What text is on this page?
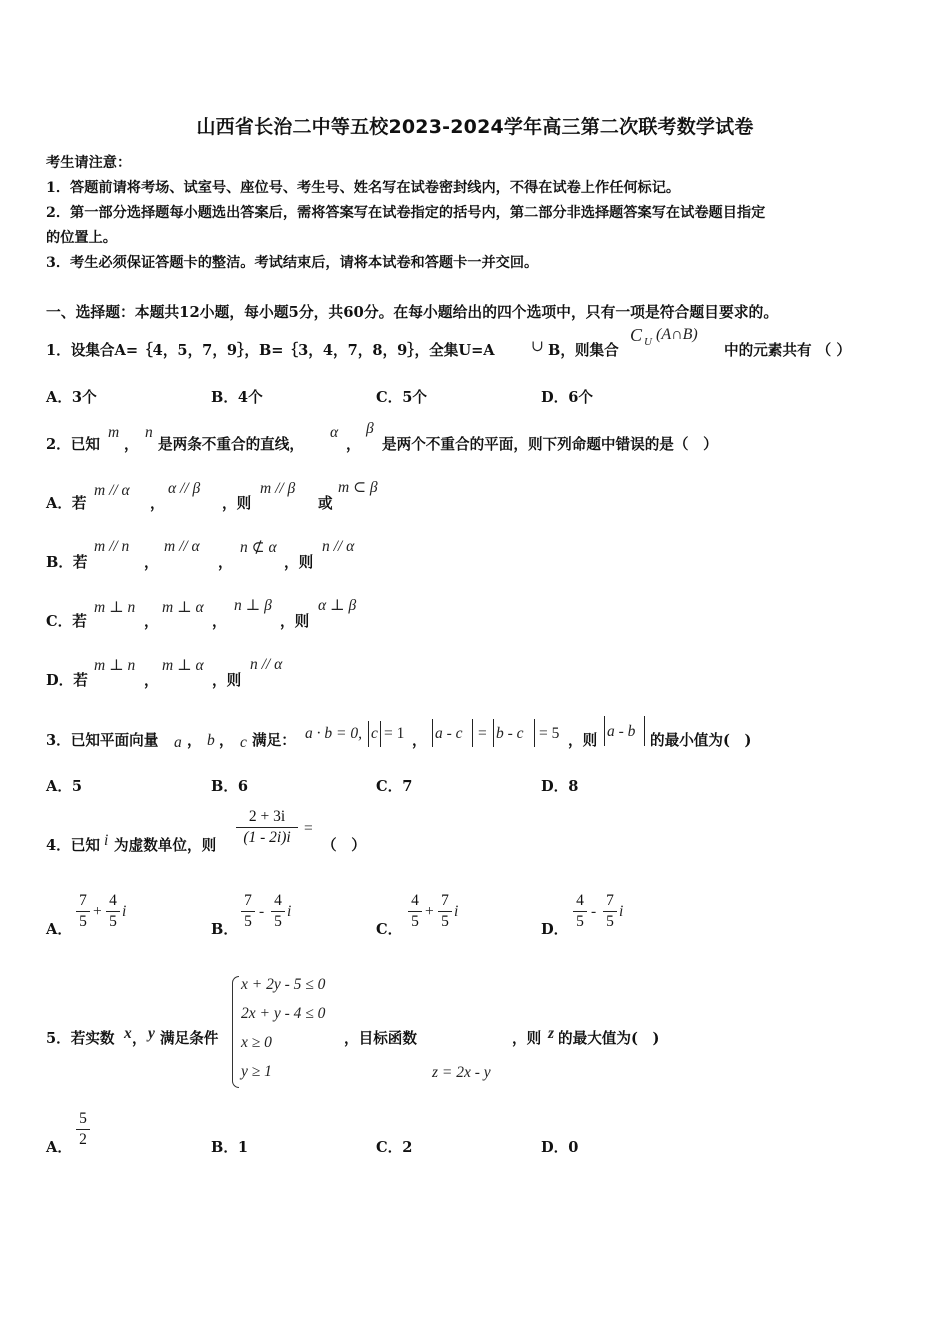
山西省长治二中等五校2023-2024学年高三第二次联考数学试卷
考生请注意：
1．答题前请将考场、试室号、座位号、考生号、姓名写在试卷密封线内，不得在试卷上作任何标记。
2．第一部分选择题每小题选出答案后，需将答案写在试卷指定的括号内，第二部分非选择题答案写在试卷题目指定
的位置上。
3．考生必须保证答题卡的整洁。考试结束后，请将本试卷和答题卡一并交回。
一、选择题：本题共12小题，每小题5分，共60分。在每小题给出的四个选项中，只有一项是符合题目要求的。
1．设集合A=｛4，5，7，9｝，B=｛3，4，7，8，9｝，全集U=A ∪ B，则集合
C U (A∩B)
中的元素共有 （ ）
A．3个	B．4个	C．5个	D．6个
2．已知
m
，
n
是两条不重合的直线，
α
，
β
是两个不重合的平面，则下列命题中错误的是（　）
A．若
m // α
，
α // β
，则
m // β
或
m ⊂ β
B．若
m // n
，
m // α
，
n ⊄ α
，则
n // α
C．若
m ⊥ n
，
m ⊥ α
，
n ⊥ β
，则
α ⊥ β
D．若
m ⊥ n
，
m ⊥ α
，则
n // α
3．已知平面向量 a ， b ， c 满足： a · b = 0, c = 1 ， a - c = b - c = 5 ，则
a - b
的最小值为(　)
A．5	B．6	C．7	D．8
4．已知 i 为虚数单位，则
2 + 3i
(1 - 2i)i
=
（　）
A．
7
5
+
4
5
i
B．
7
5
-
4
5
i
C．
4
5
+
7
5
i
D．
4
5
-
7
5
i
5．若实数 x ， y 满足条件
x + 2y - 5 ≤ 0
2x + y - 4 ≤ 0
x ≥ 0
y ≥ 1
，目标函数	，则 z 的最大值为(　)
z = 2x - y
A．
5
2	B．1	C．2	D．0
